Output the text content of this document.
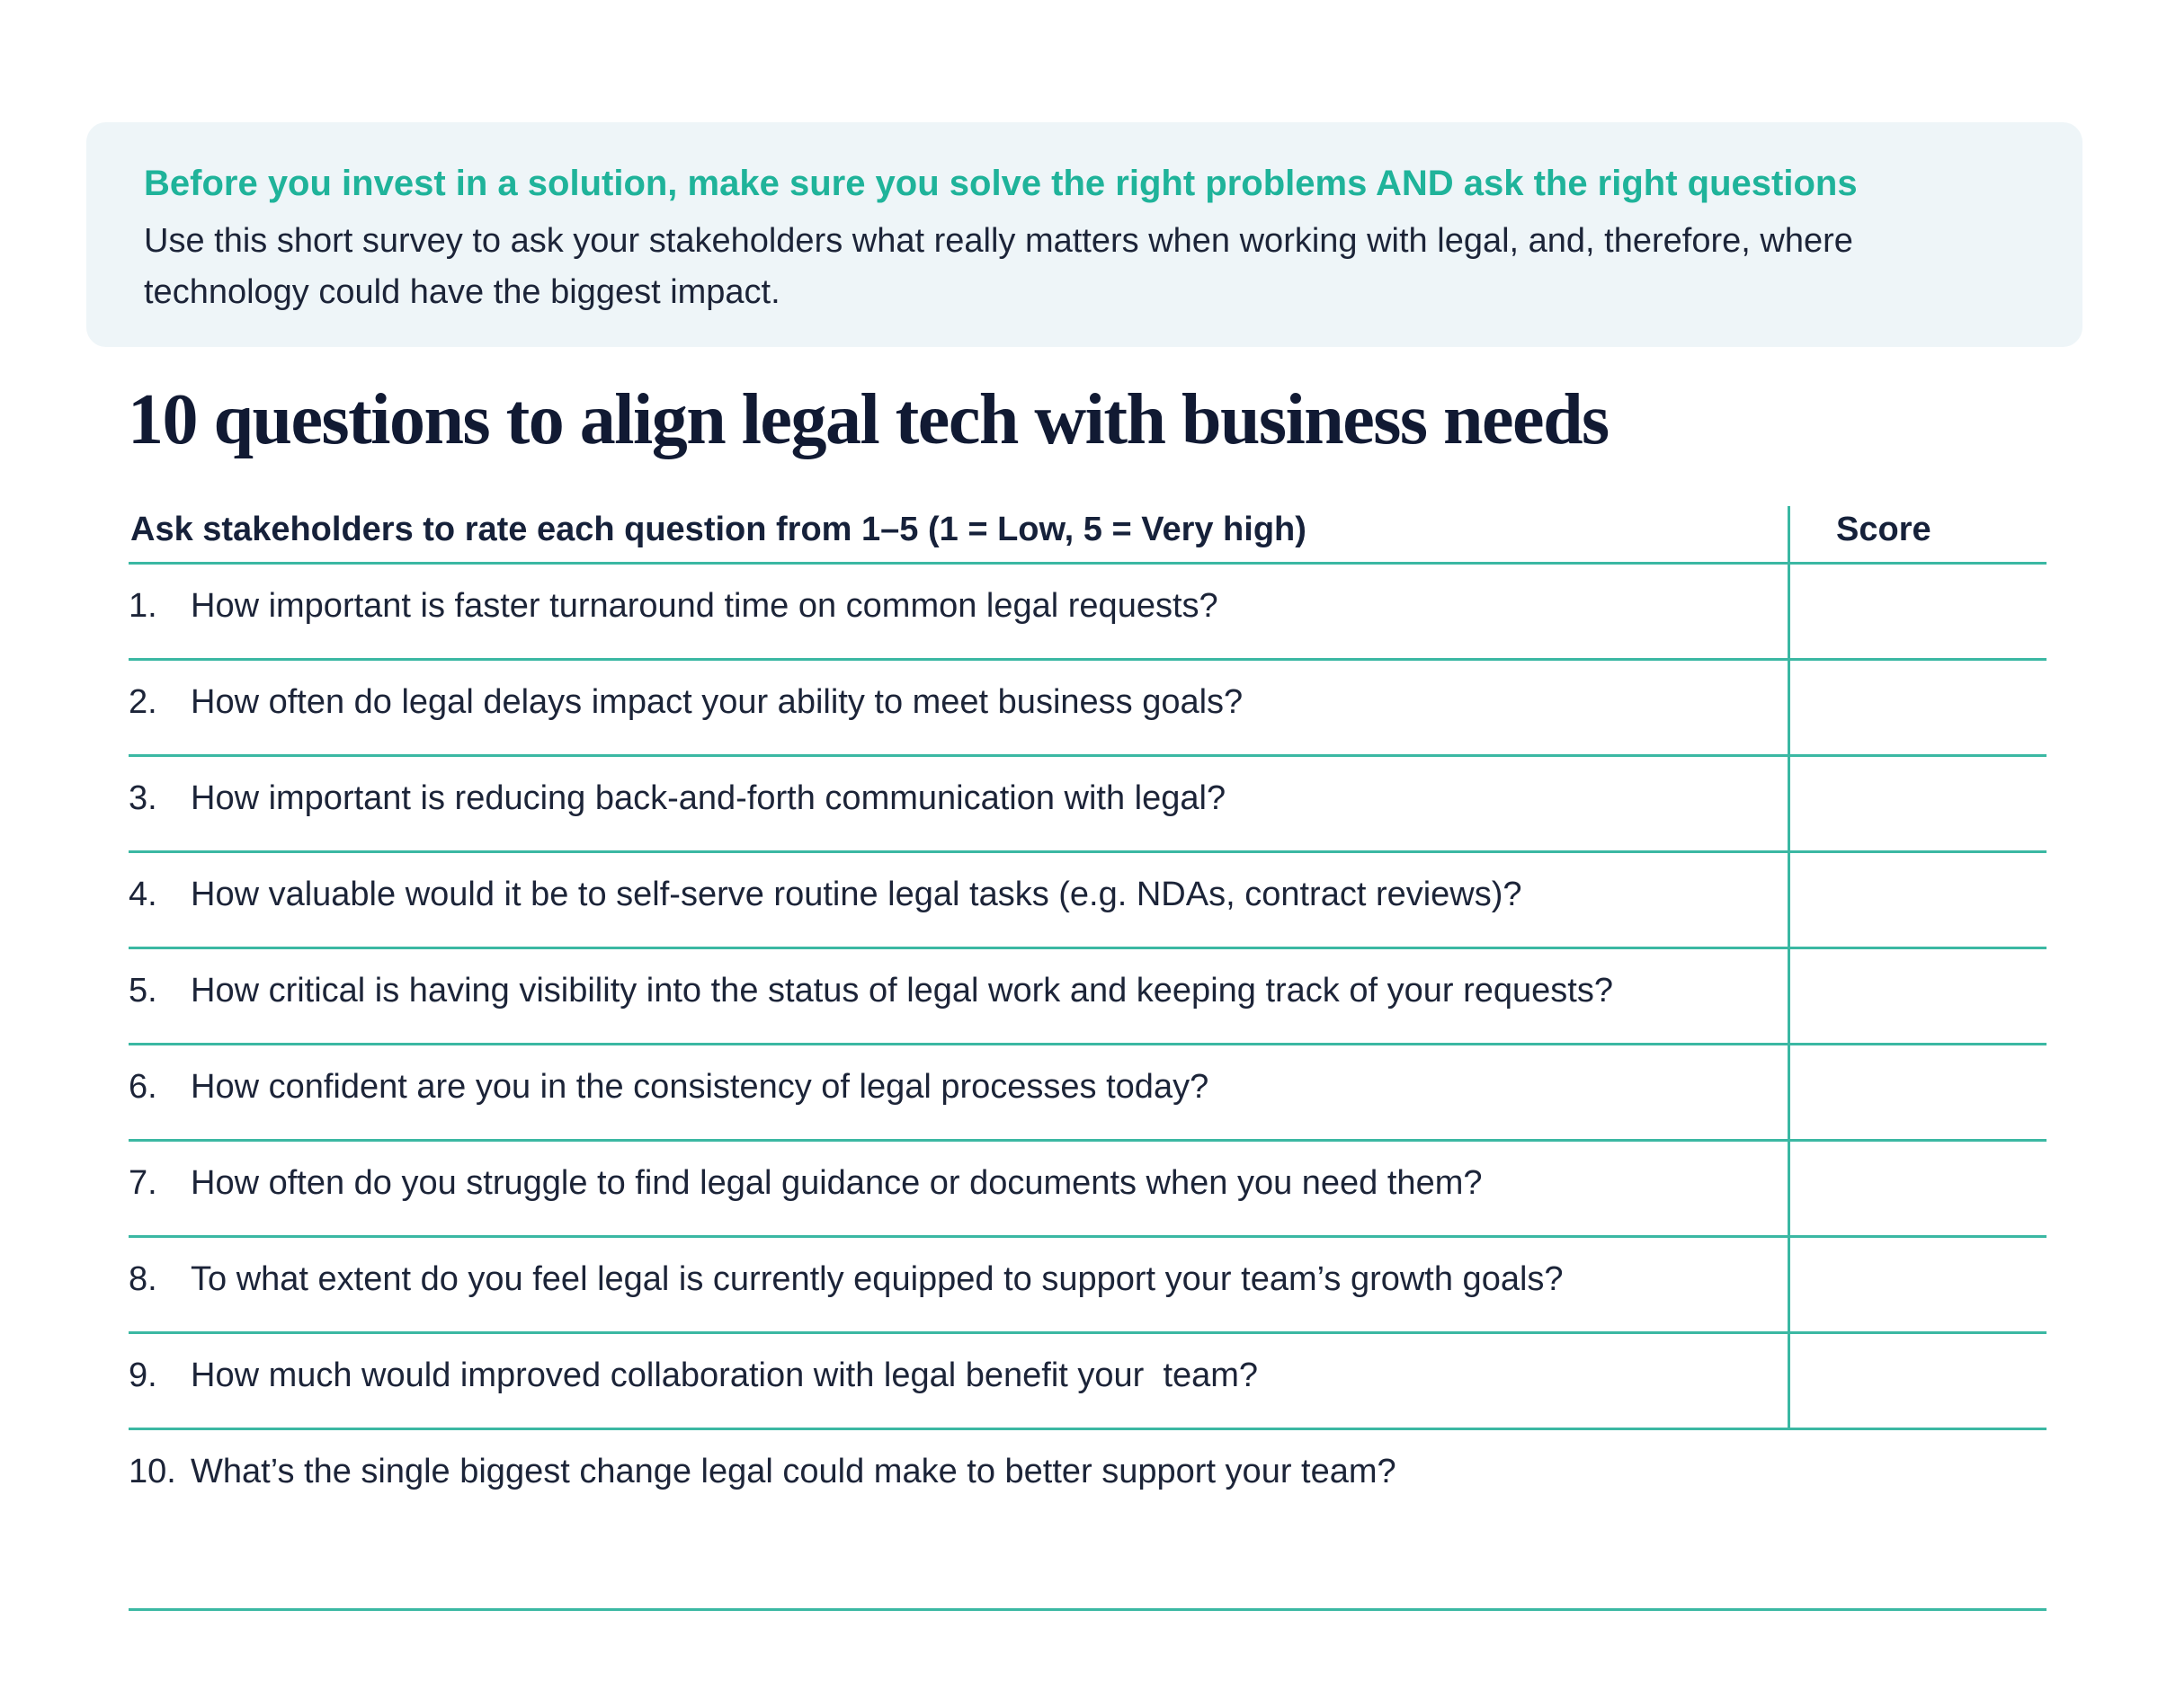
Before you invest in a solution, make sure you solve the right problems AND ask the right questions

Use this short survey to ask your stakeholders what really matters when working with legal, and, therefore, where technology could have the biggest impact.

10 questions to align legal tech with business needs
Ask stakeholders to rate each question from 1–5 (1 = Low, 5 = Very high)	Score
1. How important is faster turnaround time on common legal requests?
2. How often do legal delays impact your ability to meet business goals?
3. How important is reducing back-and-forth communication with legal?
4. How valuable would it be to self-serve routine legal tasks (e.g. NDAs, contract reviews)?
5. How critical is having visibility into the status of legal work and keeping track of your requests?
6. How confident are you in the consistency of legal processes today?
7. How often do you struggle to find legal guidance or documents when you need them?
8. To what extent do you feel legal is currently equipped to support your team’s growth goals?
9. How much would improved collaboration with legal benefit your  team?
10. What’s the single biggest change legal could make to better support your team?
